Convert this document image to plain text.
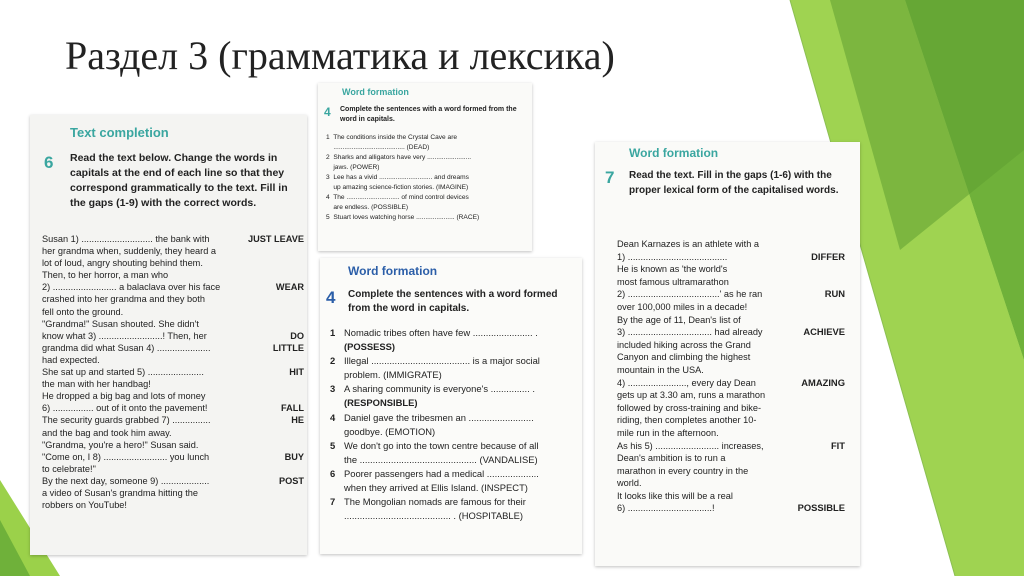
Раздел 3 (грамматика и лексика)
Text completion
6 Read the text below. Change the words in capitals at the end of each line so that they correspond grammatically to the text. Fill in the gaps (1-9) with the correct words.
Susan 1) ............................ the bank with	JUST LEAVE
her grandma when, suddenly, they heard a
lot of loud, angry shouting behind them.
Then, to her horror, a man who
2) ......................... a balaclava over his face	WEAR
crashed into her grandma and they both
fell onto the ground.
"Grandma!" Susan shouted. She didn't
know what 3) .........................! Then, her	DO
grandma did what Susan 4) .....................	LITTLE
had expected.
She sat up and started 5) ......................	HIT
the man with her handbag!
He dropped a big bag and lots of money
6) ................ out of it onto the pavement!	FALL
The security guards grabbed 7) ...............	HE
and the bag and took him away.
"Grandma, you're a hero!" Susan said.
"Come on, I 8) ......................... you lunch	BUY
to celebrate!"
By the next day, someone 9) ...................	POST
a video of Susan's grandma hitting the
robbers on YouTube!
Word formation
4 Complete the sentences with a word formed from the word in capitals.
1  The conditions inside the Crystal Cave are
....................................... (DEAD)
2  Sharks and alligators have very ........................
jaws. (POWER)
3  Lee has a vivid ............................. and dreams
up amazing science-fiction stories. (IMAGINE)
4  The ............................. of mind control devices
are endless. (POSSIBLE)
5  Stuart loves watching horse ..................... (RACE)
Word formation
4 Complete the sentences with a word formed from the word in capitals.
1 Nomadic tribes often have few ....................... .
(POSSESS)
2 Illegal ...................................... is a major social
problem. (IMMIGRATE)
3 A sharing community is everyone's ............... .
(RESPONSIBLE)
4 Daniel gave the tribesmen an .........................
goodbye. (EMOTION)
5 We don't go into the town centre because of all
the ............................................. (VANDALISE)
6 Poorer passengers had a medical ....................
when they arrived at Ellis Island. (INSPECT)
7 The Mongolian nomads are famous for their
......................................... . (HOSPITABLE)
Word formation
7 Read the text. Fill in the gaps (1-6) with the proper lexical form of the capitalised words.
Dean Karnazes is an athlete with a
1) .......................................	DIFFER
He is known as 'the world's
most famous ultramarathon
2) ....................................' as he ran	RUN
over 100,000 miles in a decade!
By the age of 11, Dean's list of
3) ................................. had already	ACHIEVE
included hiking across the Grand
Canyon and climbing the highest
mountain in the USA.
4) ......................., every day Dean	AMAZING
gets up at 3.30 am, runs a marathon
followed by cross-training and bike-
riding, then completes another 10-
mile run in the afternoon.
As his 5) ......................... increases,	FIT
Dean's ambition is to run a
marathon in every country in the
world.
It looks like this will be a real
6) .................................!	POSSIBLE
